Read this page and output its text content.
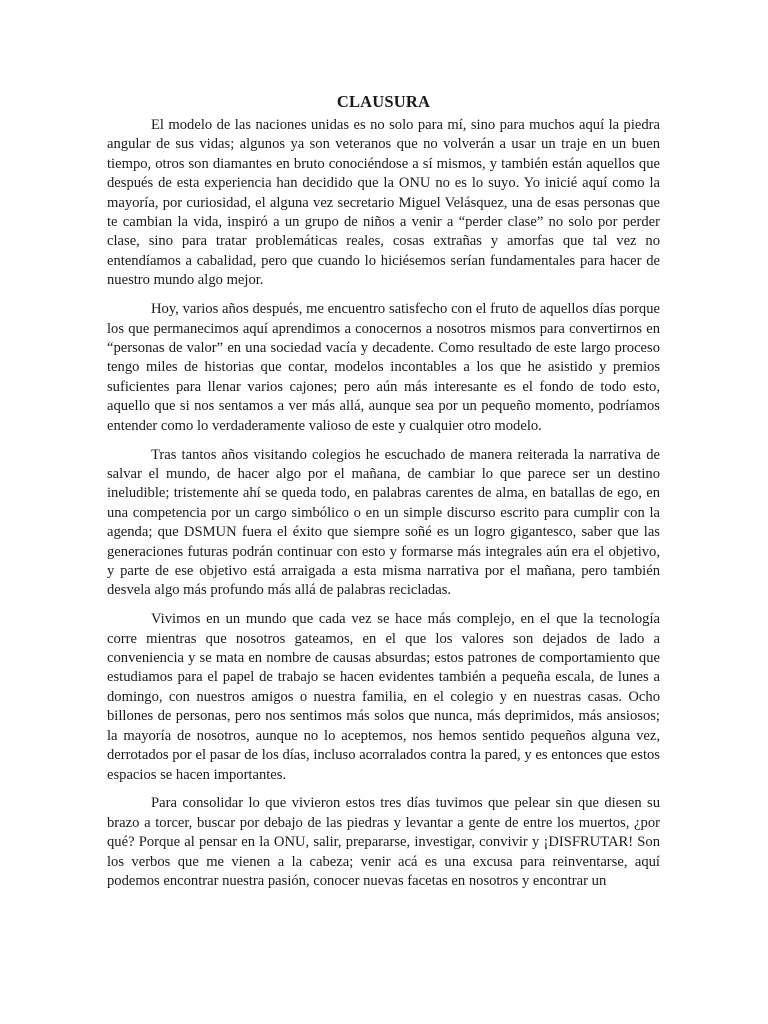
CLAUSURA

El modelo de las naciones unidas es no solo para mí, sino para muchos aquí la piedra angular de sus vidas; algunos ya son veteranos que no volverán a usar un traje en un buen tiempo, otros son diamantes en bruto conociéndose a sí mismos, y también están aquellos que después de esta experiencia han decidido que la ONU no es lo suyo. Yo inicié aquí como la mayoría, por curiosidad, el alguna vez secretario Miguel Velásquez, una de esas personas que te cambian la vida, inspiró a un grupo de niños a venir a “perder clase” no solo por perder clase, sino para tratar problemáticas reales, cosas extrañas y amorfas que tal vez no entendíamos a cabalidad, pero que cuando lo hiciésemos serían fundamentales para hacer de nuestro mundo algo mejor.

Hoy, varios años después, me encuentro satisfecho con el fruto de aquellos días porque los que permanecimos aquí aprendimos a conocernos a nosotros mismos para convertirnos en “personas de valor” en una sociedad vacía y decadente. Como resultado de este largo proceso tengo miles de historias que contar, modelos incontables a los que he asistido y premios suficientes para llenar varios cajones; pero aún más interesante es el fondo de todo esto, aquello que si nos sentamos a ver más allá, aunque sea por un pequeño momento, podríamos entender como lo verdaderamente valioso de este y cualquier otro modelo.

Tras tantos años visitando colegios he escuchado de manera reiterada la narrativa de salvar el mundo, de hacer algo por el mañana, de cambiar lo que parece ser un destino ineludible; tristemente ahí se queda todo, en palabras carentes de alma, en batallas de ego, en una competencia por un cargo simbólico o en un simple discurso escrito para cumplir con la agenda; que DSMUN fuera el éxito que siempre soñé es un logro gigantesco, saber que las generaciones futuras podrán continuar con esto y formarse más integrales aún era el objetivo, y parte de ese objetivo está arraigada a esta misma narrativa por el mañana, pero también desvela algo más profundo más allá de palabras recicladas.

Vivimos en un mundo que cada vez se hace más complejo, en el que la tecnología corre mientras que nosotros gateamos, en el que los valores son dejados de lado a conveniencia y se mata en nombre de causas absurdas; estos patrones de comportamiento que estudiamos para el papel de trabajo se hacen evidentes también a pequeña escala, de lunes a domingo, con nuestros amigos o nuestra familia, en el colegio y en nuestras casas. Ocho billones de personas, pero nos sentimos más solos que nunca, más deprimidos, más ansiosos; la mayoría de nosotros, aunque no lo aceptemos, nos hemos sentido pequeños alguna vez, derrotados por el pasar de los días, incluso acorralados contra la pared, y es entonces que estos espacios se hacen importantes.

Para consolidar lo que vivieron estos tres días tuvimos que pelear sin que diesen su brazo a torcer, buscar por debajo de las piedras y levantar a gente de entre los muertos, ¿por qué? Porque al pensar en la ONU, salir, prepararse, investigar, convivir y ¡DISFRUTAR! Son los verbos que me vienen a la cabeza; venir acá es una excusa para reinventarse, aquí podemos encontrar nuestra pasión, conocer nuevas facetas en nosotros y encontrar un
